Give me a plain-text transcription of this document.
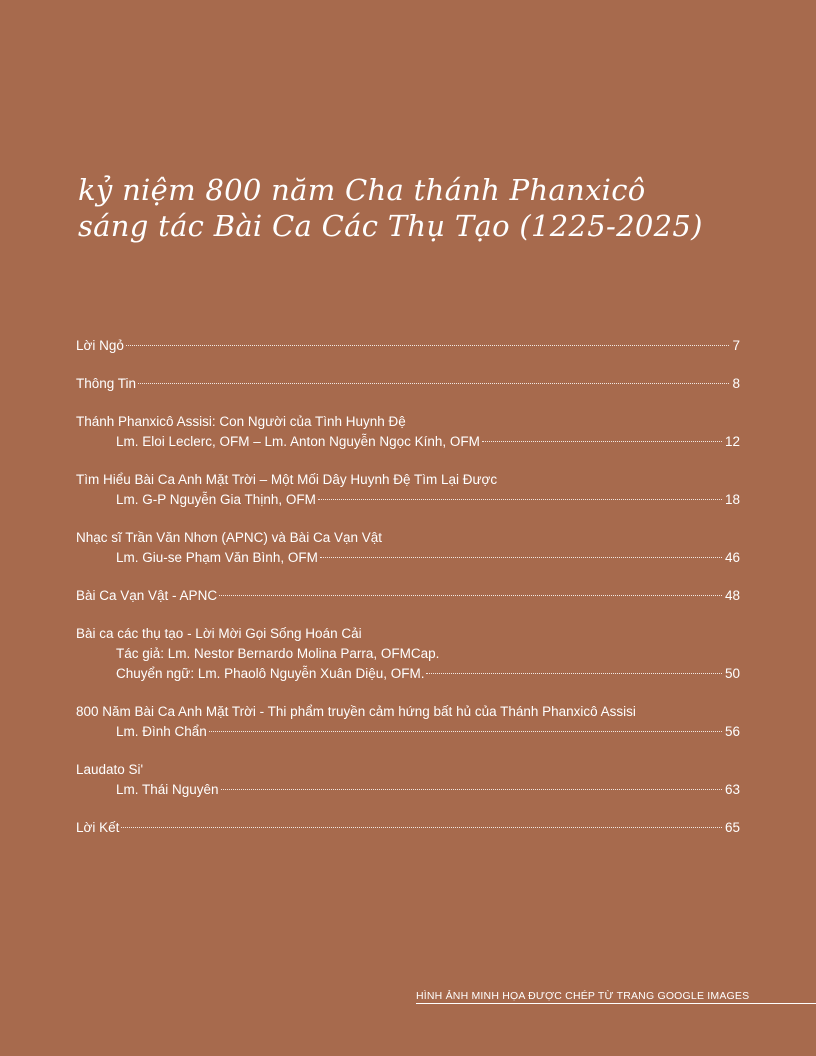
kỷ niệm 800 năm Cha thánh Phanxicô
sáng tác Bài Ca Các Thụ Tạo (1225-2025)
Lời Ngỏ	7
Thông Tin	8
Thánh Phanxicô Assisi: Con Người của Tình Huynh Đệ
Lm. Eloi Leclerc, OFM – Lm. Anton Nguyễn Ngọc Kính, OFM	12
Tìm Hiểu Bài Ca Anh Mặt Trời – Một Mối Dây Huynh Đệ Tìm Lại Được
Lm. G-P Nguyễn Gia Thịnh, OFM	18
Nhạc sĩ Trần Văn Nhơn (APNC) và Bài Ca Vạn Vật
Lm. Giu-se Phạm Văn Bình, OFM	46
Bài Ca Vạn Vật - APNC	48
Bài ca các thụ tạo - Lời Mời Gọi Sống Hoán Cải
Tác giả: Lm. Nestor Bernardo Molina Parra, OFMCap.
Chuyển ngữ: Lm. Phaolô Nguyễn Xuân Diệu, OFM.	50
800 Năm Bài Ca Anh Mặt Trời - Thi phẩm truyền cảm hứng bất hủ của Thánh Phanxicô Assisi
Lm. Đình Chẩn	56
Laudato Si'
Lm. Thái Nguyên	63
Lời Kết	65
HÌNH ẢNH MINH HỌA ĐƯỢC CHÉP TỪ TRANG GOOGLE IMAGES
